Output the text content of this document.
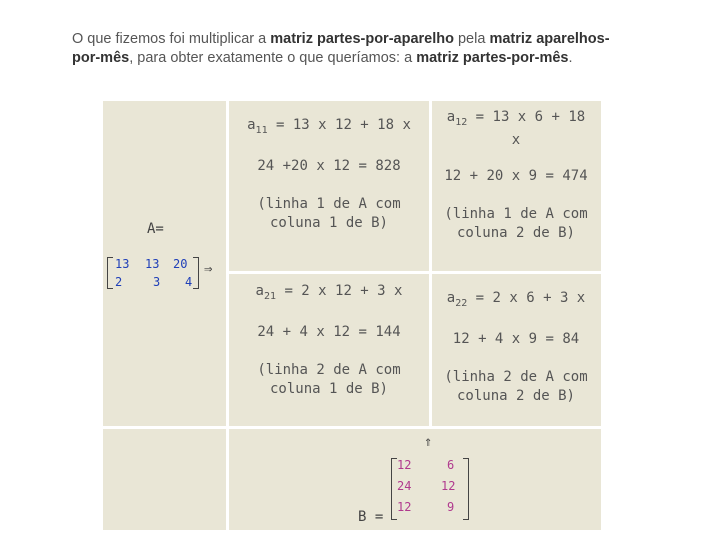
O que fizemos foi multiplicar a matriz partes-por-aparelho pela matriz aparelhos-por-mês, para obter exatamente o que queríamos: a matriz partes-por-mês.
A=
13 13 20
2	3 4
⇒

$a_{11} = 13$ x 12 + 18 x

24 +20 x 12 = 828

(linha 1 de A com

coluna 1 de B)

$a_{12} = 13$ x 6 + 18

x

12 + 20 x 9 = 474

(linha 1 de A com

coluna 2 de B)

$a_{21} = 2$ x 12 + 3 x

24 + 4 x 12 = 144

(linha 2 de A com

coluna 1 de B)

$a_{22} = 2$ x 6 + 3 x

12 + 4 x 9 = 84

(linha 2 de A com

coluna 2 de B)

⇑
B =
12	6
24 12
12	9
